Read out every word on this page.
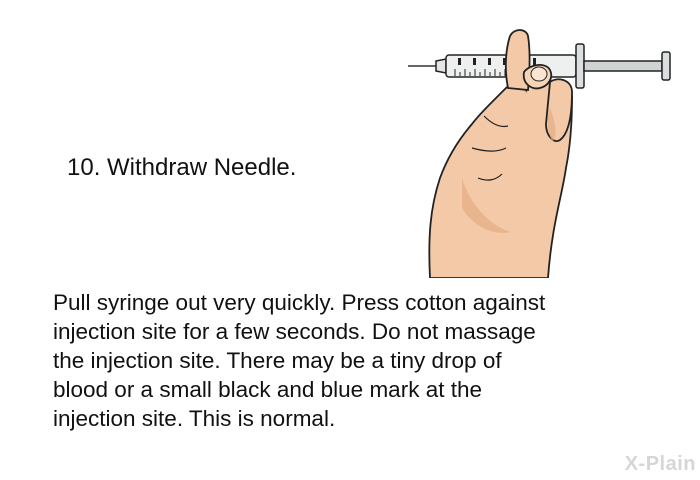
10. Withdraw Needle.

Pull syringe out very quickly. Press cotton against
injection site for a few seconds. Do not massage
the injection site. There may be a tiny drop of
blood or a small black and blue mark at the
injection site. This is normal.

X-Plain
